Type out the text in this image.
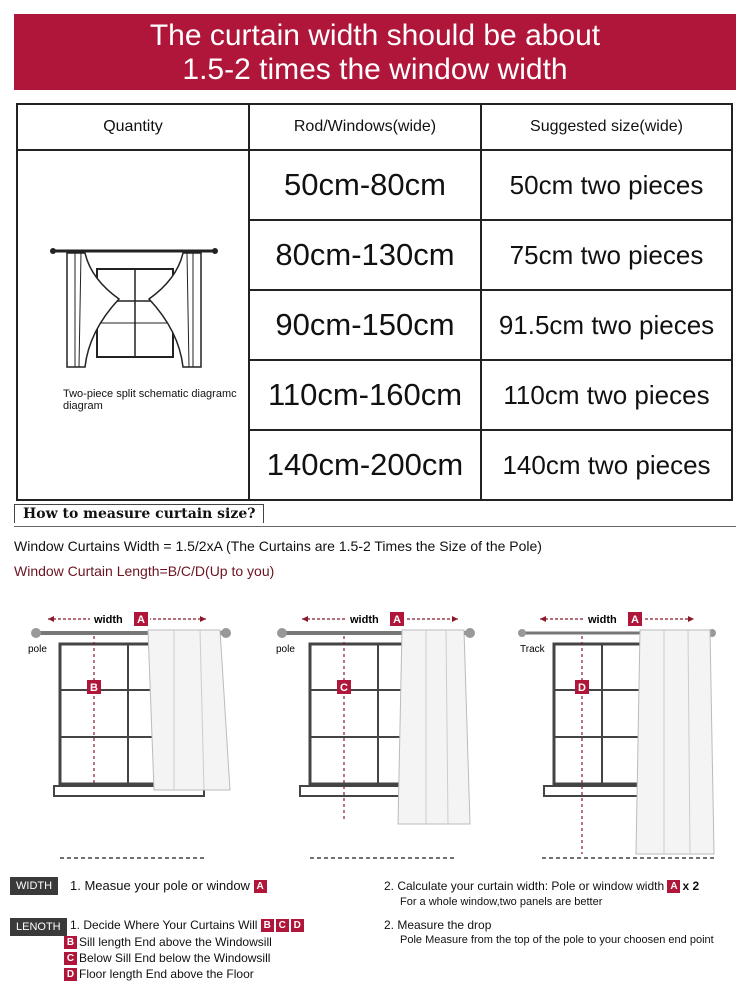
The curtain width should be about
1.5-2 times the window width
Quantity	Rod/Windows(wide)	Suggested size(wide)

Two-piece split schematic diagramc diagram	50cm-80cm	50cm two pieces
	80cm-130cm	75cm two pieces
	90cm-150cm	91.5cm two pieces
	110cm-160cm	110cm two pieces
	140cm-200cm	140cm two pieces
How to measure curtain size?
Window Curtains Width = 1.5/2xA (The Curtains are 1.5-2 Times the Size of the Pole)
Window Curtain Length=B/C/D(Up to you)
width A
pole
B
width A
pole
C
width A
Track
D
WIDTH	1. Measue your pole or window A	2. Calculate your curtain width: Pole or window width A x 2
For a whole window,two panels are better
LENOTH 1. Decide Where Your Curtains Will B C D
B Sill length End above the Windowsill
C Below Sill End below the Windowsill
D Floor length End above the Floor
2. Measure the drop
Pole Measure from the top of the pole to your choosen end point
